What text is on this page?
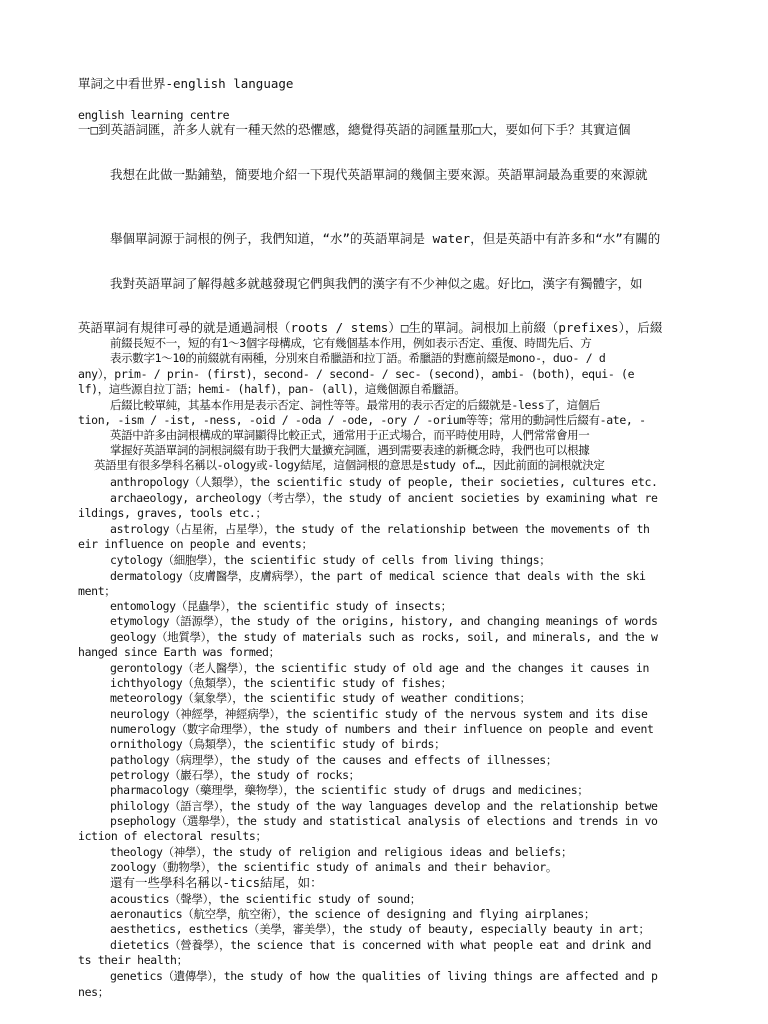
單詞之中看世界-english language
english learning centre
一□到英語詞匯，許多人就有一種天然的恐懼感，總覺得英語的詞匯量那□大，要如何下手？其實這個
我想在此做一點鋪墊，簡要地介紹一下現代英語單詞的幾個主要來源。英語單詞最為重要的來源就
舉個單詞源于詞根的例子，我們知道，“水”的英語單詞是 water，但是英語中有許多和“水”有關的
我對英語單詞了解得越多就越發現它們與我們的漢字有不少神似之處。好比□，漢字有獨體字，如
英語單詞有規律可尋的就是通過詞根（roots / stems）□生的單詞。詞根加上前綴（prefixes），后綴
前綴長短不一，短的有1～3個字母構成，它有幾個基本作用，例如表示否定、重復、時間先后、方
表示數字1～10的前綴就有兩種，分別來自希臘語和拉丁語。希臘語的對應前綴是mono-，duo- / d
any），prim- / prin- (first)，second- / second- / sec- (second)，ambi- (both)，equi- (e
lf)，這些源自拉丁語；hemi- (half)，pan- (all)，這幾個源自希臘語。
后綴比較單純，其基本作用是表示否定、詞性等等。最常用的表示否定的后綴就是-less了，這個后
tion, -ism / -ist, -ness, -oid / -oda / -ode, -ory / -orium等等；常用的動詞性后綴有-ate, -
英語中許多由詞根構成的單詞顯得比較正式，通常用于正式場合，而平時使用時，人們常常會用一
掌握好英語單詞的詞根詞綴有助于我們大量擴充詞匯，遇到需要表達的新概念時，我們也可以根據
英語里有很多學科名稱以-ology或-logy結尾，這個詞根的意思是study of…，因此前面的詞根就決定
anthropology（人類學），the scientific study of people, their societies, cultures etc.
archaeology, archeology（考古學），the study of ancient societies by examining what re
ildings, graves, tools etc.；
astrology（占星術，占星學），the study of the relationship between the movements of th
eir influence on people and events；
cytology（細胞學），the scientific study of cells from living things；
dermatology（皮膚醫學，皮膚病學），the part of medical science that deals with the ski
ment；
entomology（昆蟲學），the scientific study of insects；
etymology（語源學），the study of the origins, history, and changing meanings of words
geology（地質學），the study of materials such as rocks, soil, and minerals, and the w
hanged since Earth was formed；
gerontology（老人醫學），the scientific study of old age and the changes it causes in
ichthyology（魚類學），the scientific study of fishes；
meteorology（氣象學），the scientific study of weather conditions；
neurology（神經學，神經病學），the scientific study of the nervous system and its dise
numerology（數字命理學），the study of numbers and their influence on people and event
ornithology（鳥類學），the scientific study of birds；
pathology（病理學），the study of the causes and effects of illnesses；
petrology（巖石學），the study of rocks；
pharmacology（藥理學，藥物學），the scientific study of drugs and medicines；
philology（語言學），the study of the way languages develop and the relationship betwe
psephology（選舉學），the study and statistical analysis of elections and trends in vo
iction of electoral results；
theology（神學），the study of religion and religious ideas and beliefs；
zoology（動物學），the scientific study of animals and their behavior。
還有一些學科名稱以-tics結尾，如：
acoustics（聲學），the scientific study of sound；
aeronautics（航空學，航空術），the science of designing and flying airplanes；
aesthetics, esthetics（美學，審美學），the study of beauty, especially beauty in art；
dietetics（營養學），the science that is concerned with what people eat and drink and
ts their health；
genetics（遺傳學），the study of how the qualities of living things are affected and p
nes；
